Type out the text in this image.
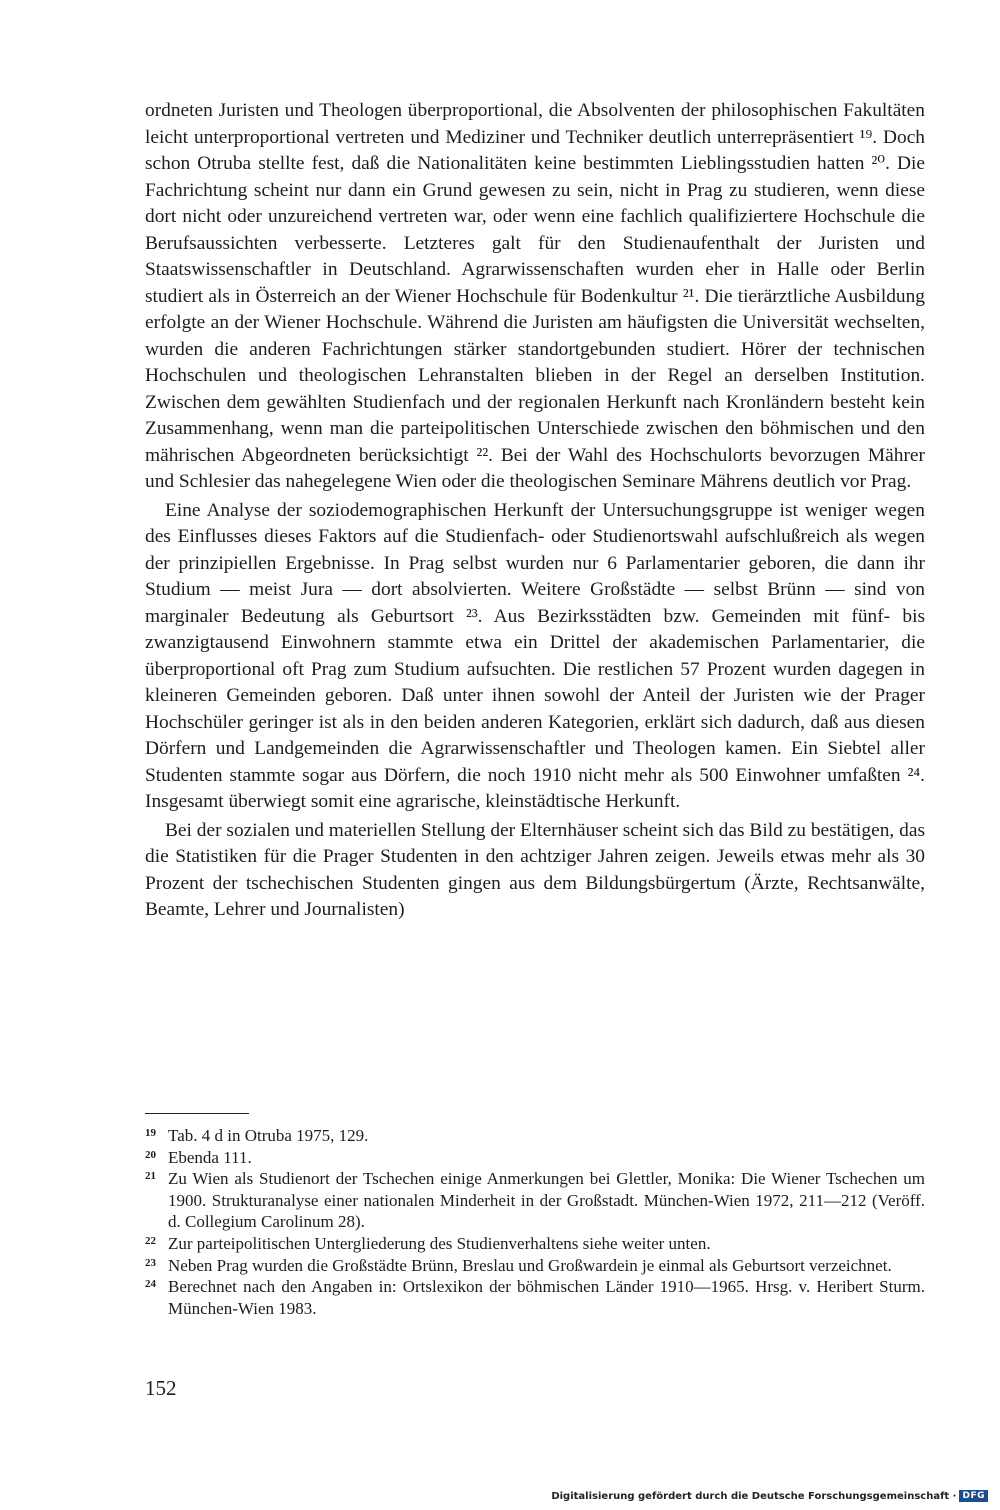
ordneten Juristen und Theologen überproportional, die Absolventen der philosophischen Fakultäten leicht unterproportional vertreten und Mediziner und Techniker deutlich unterrepräsentiert ¹⁹. Doch schon Otruba stellte fest, daß die Nationalitäten keine bestimmten Lieblingsstudien hatten ²⁰. Die Fachrichtung scheint nur dann ein Grund gewesen zu sein, nicht in Prag zu studieren, wenn diese dort nicht oder unzureichend vertreten war, oder wenn eine fachlich qualifiziertere Hochschule die Berufsaussichten verbesserte. Letzteres galt für den Studienaufenthalt der Juristen und Staatswissenschaftler in Deutschland. Agrarwissenschaften wurden eher in Halle oder Berlin studiert als in Österreich an der Wiener Hochschule für Bodenkultur ²¹. Die tierärztliche Ausbildung erfolgte an der Wiener Hochschule. Während die Juristen am häufigsten die Universität wechselten, wurden die anderen Fachrichtungen stärker standortgebunden studiert. Hörer der technischen Hochschulen und theologischen Lehranstalten blieben in der Regel an derselben Institution. Zwischen dem gewählten Studienfach und der regionalen Herkunft nach Kronländern besteht kein Zusammenhang, wenn man die parteipolitischen Unterschiede zwischen den böhmischen und den mährischen Abgeordneten berücksichtigt ²². Bei der Wahl des Hochschulorts bevorzugen Mährer und Schlesier das nahegelegene Wien oder die theologischen Seminare Mährens deutlich vor Prag.

Eine Analyse der soziodemographischen Herkunft der Untersuchungsgruppe ist weniger wegen des Einflusses dieses Faktors auf die Studienfach- oder Studienortswahl aufschlußreich als wegen der prinzipiellen Ergebnisse. In Prag selbst wurden nur 6 Parlamentarier geboren, die dann ihr Studium — meist Jura — dort absolvierten. Weitere Großstädte — selbst Brünn — sind von marginaler Bedeutung als Geburtsort ²³. Aus Bezirksstädten bzw. Gemeinden mit fünf- bis zwanzigtausend Einwohnern stammte etwa ein Drittel der akademischen Parlamentarier, die überproportional oft Prag zum Studium aufsuchten. Die restlichen 57 Prozent wurden dagegen in kleineren Gemeinden geboren. Daß unter ihnen sowohl der Anteil der Juristen wie der Prager Hochschüler geringer ist als in den beiden anderen Kategorien, erklärt sich dadurch, daß aus diesen Dörfern und Landgemeinden die Agrarwissenschaftler und Theologen kamen. Ein Siebtel aller Studenten stammte sogar aus Dörfern, die noch 1910 nicht mehr als 500 Einwohner umfaßten ²⁴. Insgesamt überwiegt somit eine agrarische, kleinstädtische Herkunft.

Bei der sozialen und materiellen Stellung der Elternhäuser scheint sich das Bild zu bestätigen, das die Statistiken für die Prager Studenten in den achtziger Jahren zeigen. Jeweils etwas mehr als 30 Prozent der tschechischen Studenten gingen aus dem Bildungsbürgertum (Ärzte, Rechtsanwälte, Beamte, Lehrer und Journalisten)

19 Tab. 4 d in Otruba 1975, 129.
20 Ebenda 111.
21 Zu Wien als Studienort der Tschechen einige Anmerkungen bei Glettler, Monika: Die Wiener Tschechen um 1900. Strukturanalyse einer nationalen Minderheit in der Großstadt. München-Wien 1972, 211—212 (Veröff. d. Collegium Carolinum 28).
22 Zur parteipolitischen Untergliederung des Studienverhaltens siehe weiter unten.
23 Neben Prag wurden die Großstädte Brünn, Breslau und Großwardein je einmal als Geburtsort verzeichnet.
24 Berechnet nach den Angaben in: Ortslexikon der böhmischen Länder 1910—1965. Hrsg. v. Heribert Sturm. München-Wien 1983.
152
Digitalisierung gefördert durch die Deutsche Forschungsgemeinschaft · DFG
